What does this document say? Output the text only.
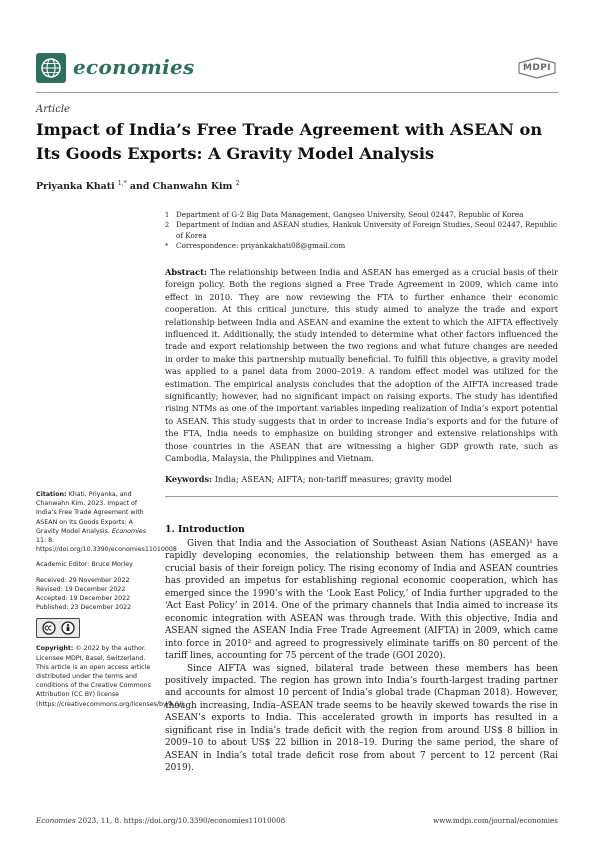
economies	MDPI
Article
Impact of India’s Free Trade Agreement with ASEAN on Its Goods Exports: A Gravity Model Analysis
Priyanka Khati $^{1,*}$ and Chanwahn Kim $^2$
1 Department of G-2 Big Data Management, Gangseo University, Seoul 02447, Republic of Korea
2 Department of Indian and ASEAN studies, Hankuk University of Foreign Studies, Seoul 02447, Republic of Korea
*	Correspondence: priyankakhati08@gmail.com
Abstract: The relationship between India and ASEAN has emerged as a crucial basis of their foreign policy. Both the regions signed a Free Trade Agreement in 2009, which came into effect in 2010. They are now reviewing the FTA to further enhance their economic cooperation. At this critical juncture, this study aimed to analyze the trade and export relationship between India and ASEAN and examine the extent to which the AIFTA effectively influenced it. Additionally, the study intended to determine what other factors influenced the trade and export relationship between the two regions and what future changes are needed in order to make this partnership mutually beneficial. To fulfill this objective, a gravity model was applied to a panel data from 2000–2019. A random effect model was utilized for the estimation. The empirical analysis concludes that the adoption of the AIFTA increased trade significantly; however, had no significant impact on raising exports. The study has identified rising NTMs as one of the important variables impeding realization of India’s export potential to ASEAN. This study suggests that in order to increase India’s exports and for the future of the FTA, India needs to emphasize on building stronger and extensive relationships with those countries in the ASEAN that are witnessing a higher GDP growth rate, such as Cambodia, Malaysia, the Philippines and Vietnam.
Keywords: India; ASEAN; AIFTA; non-tariff measures; gravity model
Citation: Khati, Priyanka, and Chanwahn Kim. 2023. Impact of India’s Free Trade Agreement with ASEAN on Its Goods Exports: A Gravity Model Analysis. Economies 11: 8. https://doi.org/10.3390/economies11010008
Academic Editor: Bruce Morley
Received: 29 November 2022
Revised: 19 December 2022
Accepted: 19 December 2022
Published: 23 December 2022
Copyright: © 2022 by the author. Licensee MDPI, Basel, Switzerland. This article is an open access article distributed under the terms and conditions of the Creative Commons Attribution (CC BY) license (https://creativecommons.org/licenses/by/4.0/).
1. Introduction

Given that India and the Association of Southeast Asian Nations (ASEAN)¹ have rapidly developing economies, the relationship between them has emerged as a crucial basis of their foreign policy. The rising economy of India and ASEAN countries has provided an impetus for establishing regional economic cooperation, which has emerged since the 1990’s with the ‘Look East Policy,’ of India further upgraded to the ‘Act East Policy’ in 2014. One of the primary channels that India aimed to increase its economic integration with ASEAN was through trade. With this objective, India and ASEAN signed the ASEAN India Free Trade Agreement (AIFTA) in 2009, which came into force in 2010² and agreed to progressively eliminate tariffs on 80 percent of the tariff lines, accounting for 75 percent of the trade (GOI 2020).

Since AIFTA was signed, bilateral trade between these members has been positively impacted. The region has grown into India’s fourth-largest trading partner and accounts for almost 10 percent of India’s global trade (Chapman 2018). However, though increasing, India–ASEAN trade seems to be heavily skewed towards the rise in ASEAN’s exports to India. This accelerated growth in imports has resulted in a significant rise in India’s trade deficit with the region from around US$ 8 billion in 2009–10 to about US$ 22 billion in 2018–19. During the same period, the share of ASEAN in India’s total trade deficit rose from about 7 percent to 12 percent (Rai 2019).

Economies 2023, 11, 8. https://doi.org/10.3390/economies11010008	www.mdpi.com/journal/economies
